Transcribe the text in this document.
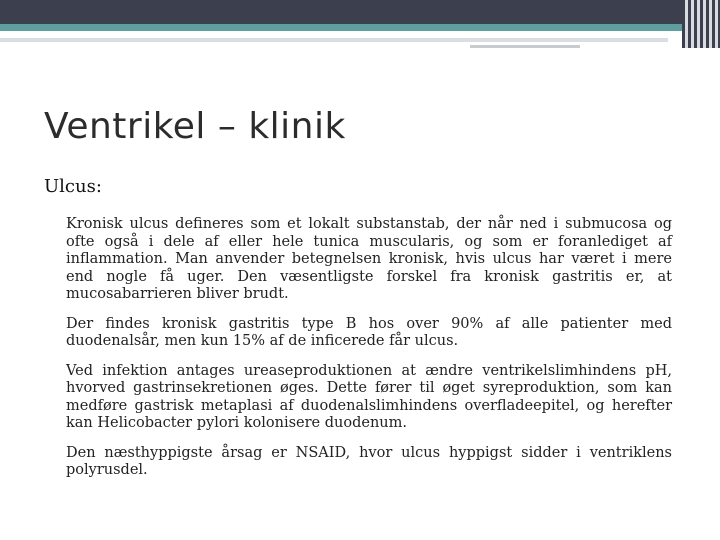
Ventrikel – klinik
Ulcus:

Kronisk ulcus defineres som et lokalt substanstab, der når ned i submucosa og ofte også i dele af eller hele tunica muscularis, og som er foranlediget af inflammation. Man anvender betegnelsen kronisk, hvis ulcus har været i mere end nogle få uger. Den væsentligste forskel fra kronisk gastritis er, at mucosabarrieren bliver brudt.

Der findes kronisk gastritis type B hos over 90% af alle patienter med duodenalsår, men kun 15% af de inficerede får ulcus.

Ved infektion antages ureaseproduktionen at ændre ventrikelslimhindens pH, hvorved gastrinsekretionen øges. Dette fører til øget syreproduktion, som kan medføre gastrisk metaplasi af duodenalslimhindens overfladeepitel, og herefter kan Helicobacter pylori kolonisere duodenum.

Den næsthyppigste årsag er NSAID, hvor ulcus hyppigst sidder i ventriklens polyrusdel.
